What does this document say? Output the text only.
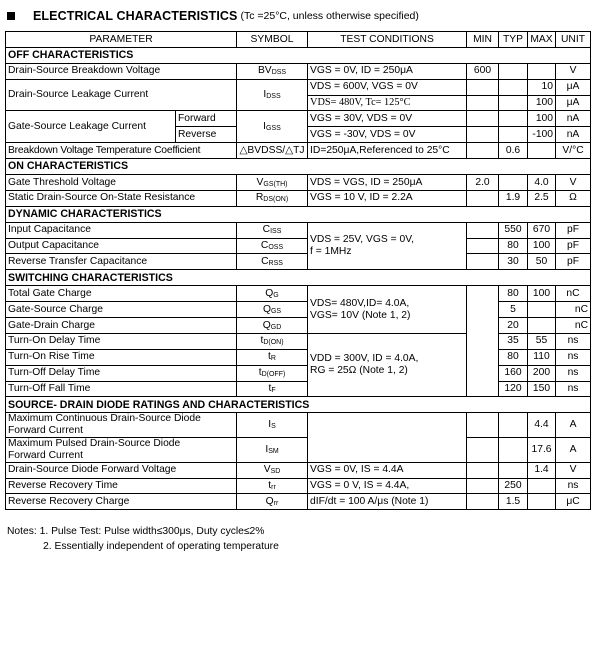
ELECTRICAL CHARACTERISTICS (Tc =25°C, unless otherwise specified)
PARAMETER		SYMBOL	TEST CONDITIONS	MIN	TYP	MAX	UNIT
OFF CHARACTERISTICS							
Drain-Source Breakdown Voltage		$BV_{DSS}$	VGS = 0V, ID = 250μA	600			V
Drain-Source Leakage Current		$I_{DSS}$	VDS = 600V, VGS = 0V			10	μA
			VDS= 480V, Tc= 125°C			100	μA
Gate-Source Leakage Current	Forward	$I_{GSS}$	VGS = 30V, VDS = 0V			100	nA
	Reverse		VGS = -30V, VDS = 0V			-100	nA
Breakdown Voltage Temperature Coefficient		△BVDSS/△TJ	ID=250μA,Referenced to 25°C		0.6		V/°C
ON CHARACTERISTICS							
Gate Threshold Voltage		$V_{GS(TH)}$	VDS = VGS, ID = 250μA	2.0		4.0	V
Static Drain-Source On-State Resistance		$R_{DS(ON)}$	VGS = 10 V, ID = 2.2A		1.9	2.5	Ω
DYNAMIC CHARACTERISTICS							
Input Capacitance		$C_{ISS}$	VDS = 25V, VGS = 0V,
f = 1MHz		550	670	pF
Output Capacitance		$C_{OSS}$			80	100	pF
Reverse Transfer Capacitance		$C_{RSS}$			30	50	pF
SWITCHING CHARACTERISTICS							
Total Gate Charge		$Q_G$	VDS= 480V,ID= 4.0A,
VGS= 10V (Note 1, 2)		80	100	nC
Gate-Source Charge		$Q_{GS}$			5		nC
Gate-Drain Charge		$Q_{GD}$			20		nC
Turn-On Delay Time		$t_{D(ON)}$	VDD = 300V, ID = 4.0A,
RG = 25Ω (Note 1, 2)		35	55	ns
Turn-On Rise Time		$t_R$			80	110	ns
Turn-Off Delay Time		$t_{D(OFF)}$			160	200	ns
Turn-Off Fall Time		$t_F$			120	150	ns
SOURCE- DRAIN DIODE RATINGS AND CHARACTERISTICS							

Maximum Continuous Drain-Source Diode
Forward Current		$I_S$				4.4	A

Maximum Pulsed Drain-Source Diode
Forward Current		$I_{SM}$				17.6	A
Drain-Source Diode Forward Voltage		$V_{SD}$	VGS = 0V, IS = 4.4A			1.4	V
Reverse Recovery Time		$t_{rr}$	VGS = 0 V, IS = 4.4A,		250		ns
Reverse Recovery Charge		$Q_{rr}$	dIF/dt = 100 A/μs (Note 1)		1.5		μC
Notes: 1. Pulse Test: Pulse width≤300μs, Duty cycle≤2%
2. Essentially independent of operating temperature
